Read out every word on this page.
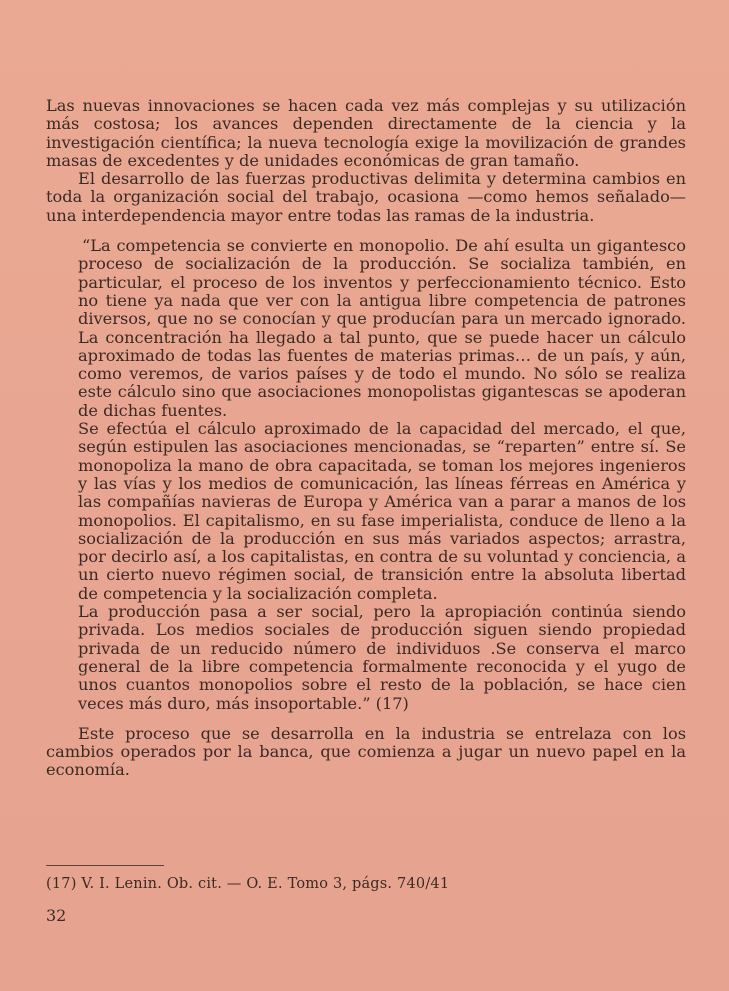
Las nuevas innovaciones se hacen cada vez más complejas y su utilización más costosa; los avances dependen directamente de la ciencia y la investigación científica; la nueva tecnología exige la movilización de grandes masas de excedentes y de unidades económicas de gran tamaño.

El desarrollo de las fuerzas productivas delimita y determina cambios en toda la organización social del trabajo, ocasiona —como hemos señalado— una interdependencia mayor entre todas las ramas de la industria.

“La competencia se convierte en monopolio. De ahí esulta un gigantesco proceso de socialización de la producción. Se socializa también, en particular, el proceso de los inventos y perfeccionamiento técnico. Esto no tiene ya nada que ver con la antigua libre competencia de patrones diversos, que no se conocían y que producían para un mercado ignorado. La concentración ha llegado a tal punto, que se puede hacer un cálculo aproximado de todas las fuentes de materias primas… de un país, y aún, como veremos, de varios países y de todo el mundo. No sólo se realiza este cálculo sino que asociaciones monopolistas gigantescas se apoderan de dichas fuentes.

Se efectúa el cálculo aproximado de la capacidad del mercado, el que, según estipulen las asociaciones mencionadas, se “reparten” entre sí. Se monopoliza la mano de obra capacitada, se toman los mejores ingenieros y las vías y los medios de comunicación, las líneas férreas en América y las compañías navieras de Europa y América van a parar a manos de los monopolios. El capitalismo, en su fase imperialista, conduce de lleno a la socialización de la producción en sus más variados aspectos; arrastra, por decirlo así, a los capitalistas, en contra de su voluntad y conciencia, a un cierto nuevo régimen social, de transición entre la absoluta libertad de competencia y la socialización completa.

La producción pasa a ser social, pero la apropiación continúa siendo privada. Los medios sociales de producción siguen siendo propiedad privada de un reducido número de individuos .Se conserva el marco general de la libre competencia formalmente reconocida y el yugo de unos cuantos monopolios sobre el resto de la población, se hace cien veces más duro, más insoportable.” (17)

Este proceso que se desarrolla en la industria se entrelaza con los cambios operados por la banca, que comienza a jugar un nuevo papel en la economía.

(17) V. I. Lenin. Ob. cit. — O. E. Tomo 3, págs. 740/41
32
